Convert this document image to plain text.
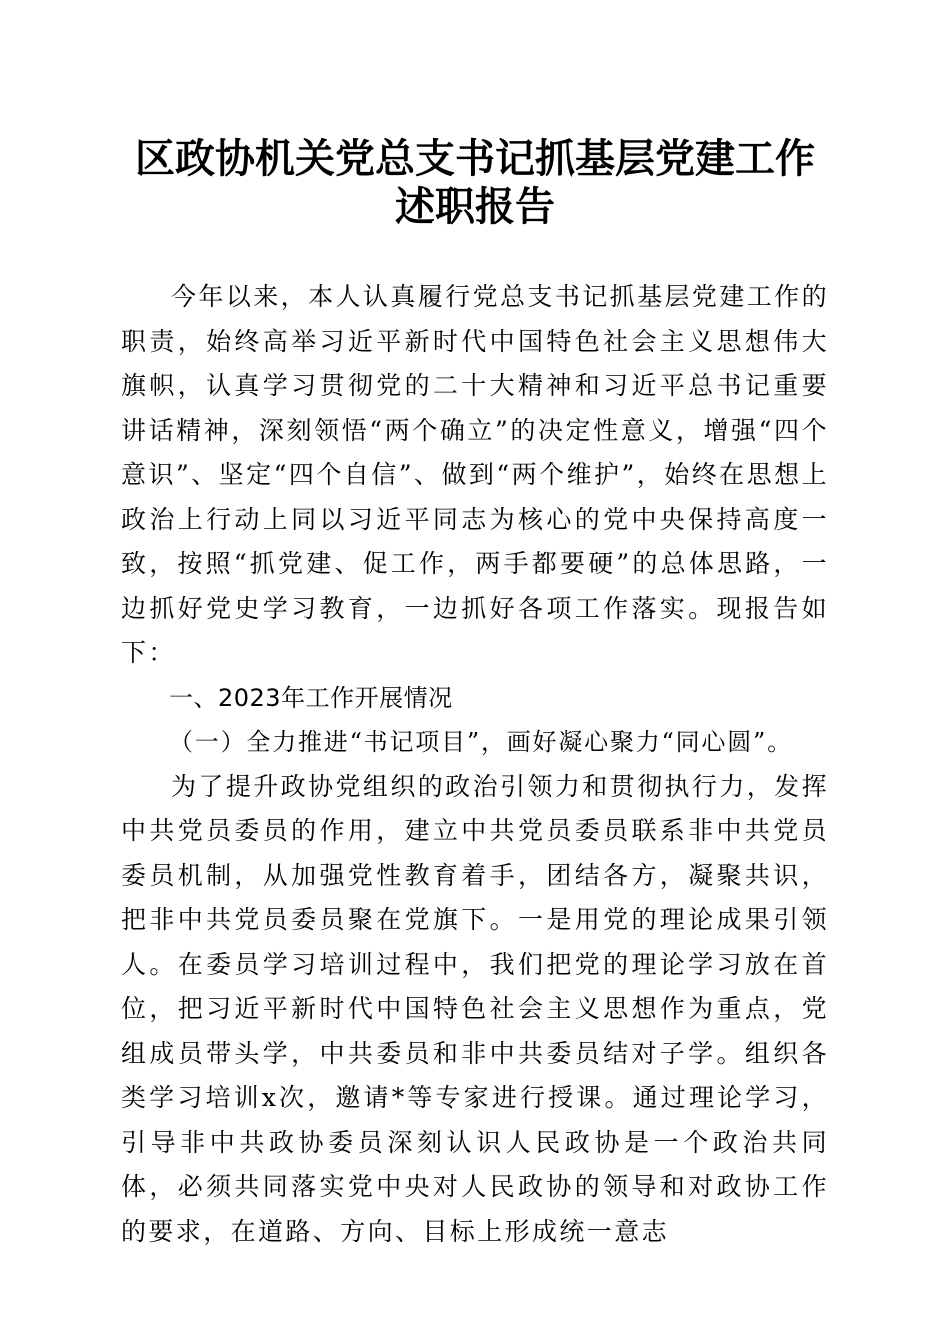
区政协机关党总支书记抓基层党建工作述职报告

今年以来，本人认真履行党总支书记抓基层党建工作的职责，始终高举习近平新时代中国特色社会主义思想伟大旗帜，认真学习贯彻党的二十大精神和习近平总书记重要讲话精神，深刻领悟“两个确立”的决定性意义，增强“四个意识”、坚定“四个自信”、做到“两个维护”，始终在思想上政治上行动上同以习近平同志为核心的党中央保持高度一致，按照“抓党建、促工作，两手都要硬”的总体思路，一边抓好党史学习教育，一边抓好各项工作落实。现报告如下：

一、2023年工作开展情况

（一）全力推进“书记项目”，画好凝心聚力“同心圆”。

为了提升政协党组织的政治引领力和贯彻执行力，发挥中共党员委员的作用，建立中共党员委员联系非中共党员委员机制，从加强党性教育着手，团结各方，凝聚共识，把非中共党员委员聚在党旗下。一是用党的理论成果引领人。在委员学习培训过程中，我们把党的理论学习放在首位，把习近平新时代中国特色社会主义思想作为重点，党组成员带头学，中共委员和非中共委员结对子学。组织各类学习培训x次，邀请*等专家进行授课。通过理论学习，引导非中共政协委员深刻认识人民政协是一个政治共同体，必须共同落实党中央对人民政协的领导和对政协工作的要求，在道路、方向、目标上形成统一意志
